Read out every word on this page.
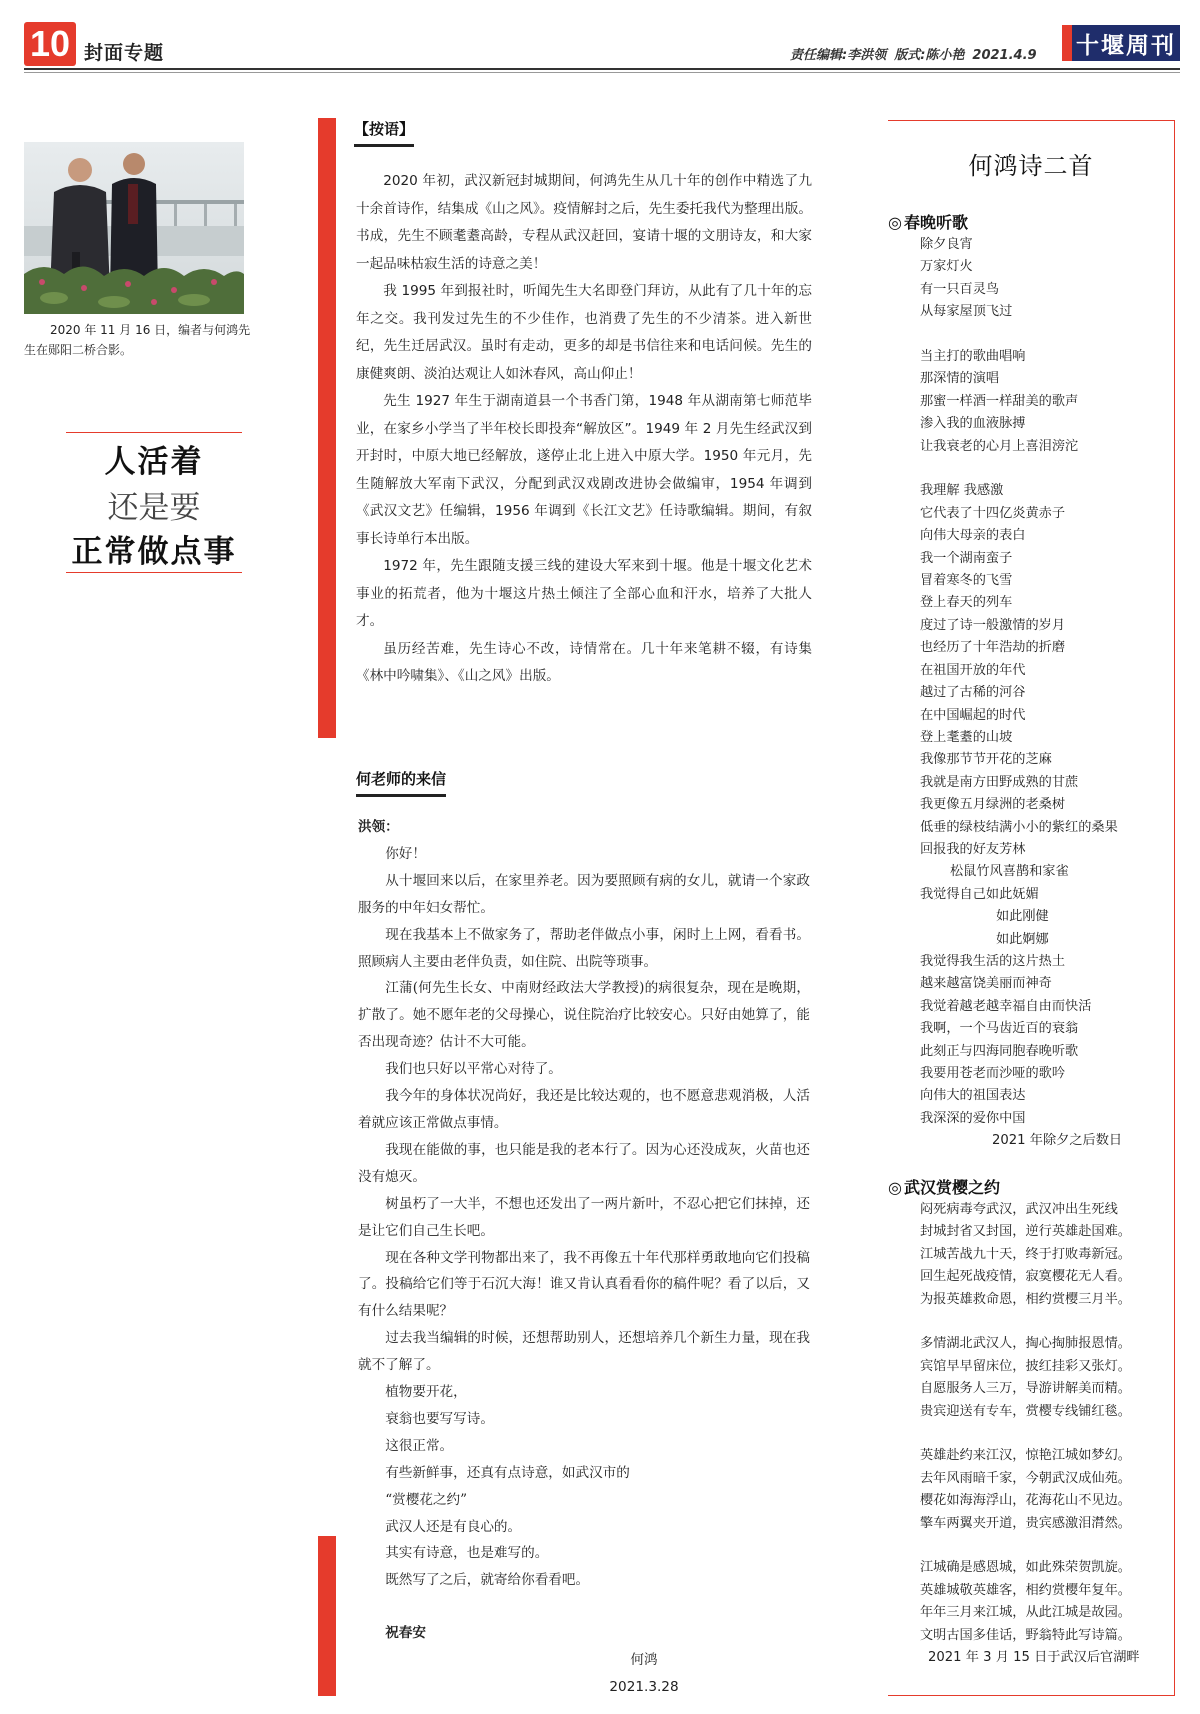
10 封面专题	责任编辑:李洪领 版式:陈小艳 2021.4.9	十堰周刊
2020 年 11 月 16 日，编者与何鸿先生在郧阳二桥合影。
人活着
还是要
正常做点事
【按语】

2020 年初，武汉新冠封城期间，何鸿先生从几十年的创作中精选了九十余首诗作，结集成《山之风》。疫情解封之后，先生委托我代为整理出版。书成，先生不顾耄耋高龄，专程从武汉赶回，宴请十堰的文朋诗友，和大家一起品味枯寂生活的诗意之美！

我 1995 年到报社时，听闻先生大名即登门拜访，从此有了几十年的忘年之交。我刊发过先生的不少佳作，也消费了先生的不少清茶。进入新世纪，先生迁居武汉。虽时有走动，更多的却是书信往来和电话问候。先生的康健爽朗、淡泊达观让人如沐春风，高山仰止！

先生 1927 年生于湖南道县一个书香门第，1948 年从湖南第七师范毕业，在家乡小学当了半年校长即投奔“解放区”。1949 年 2 月先生经武汉到开封时，中原大地已经解放，遂停止北上进入中原大学。1950 年元月，先生随解放大军南下武汉，分配到武汉戏剧改进协会做编审，1954 年调到《武汉文艺》任编辑，1956 年调到《长江文艺》任诗歌编辑。期间，有叙事长诗单行本出版。

1972 年，先生跟随支援三线的建设大军来到十堰。他是十堰文化艺术事业的拓荒者，他为十堰这片热土倾注了全部心血和汗水，培养了大批人才。

虽历经苦难，先生诗心不改，诗情常在。几十年来笔耕不辍，有诗集《林中吟啸集》、《山之风》出版。

何老师的来信
洪领：
你好！

从十堰回来以后，在家里养老。因为要照顾有病的女儿，就请一个家政服务的中年妇女帮忙。

现在我基本上不做家务了，帮助老伴做点小事，闲时上上网，看看书。照顾病人主要由老伴负责，如住院、出院等琐事。

江蒲(何先生长女、中南财经政法大学教授)的病很复杂，现在是晚期，扩散了。她不愿年老的父母操心，说住院治疗比较安心。只好由她算了，能否出现奇迹？估计不大可能。

我们也只好以平常心对待了。

我今年的身体状况尚好，我还是比较达观的，也不愿意悲观消极，人活着就应该正常做点事情。

我现在能做的事，也只能是我的老本行了。因为心还没成灰，火苗也还没有熄灭。

树虽朽了一大半，不想也还发出了一两片新叶，不忍心把它们抹掉，还是让它们自己生长吧。

现在各种文学刊物都出来了，我不再像五十年代那样勇敢地向它们投稿了。投稿给它们等于石沉大海！谁又肯认真看看你的稿件呢？看了以后，又有什么结果呢？

过去我当编辑的时候，还想帮助别人，还想培养几个新生力量，现在我就不了解了。

植物要开花，
衰翁也要写写诗。
这很正常。
有些新鲜事，还真有点诗意，如武汉市的
“赏樱花之约”
武汉人还是有良心的。
其实有诗意，也是难写的。
既然写了之后，就寄给你看看吧。
祝春安
何鸿
2021.3.28
何鸿诗二首
◎ 春晚听歌
除夕良宵
万家灯火
有一只百灵鸟
从每家屋顶飞过
当主打的歌曲唱响
那深情的演唱
那蜜一样酒一样甜美的歌声
渗入我的血液脉搏
让我衰老的心月上喜泪滂沱
我理解 我感激
它代表了十四亿炎黄赤子
向伟大母亲的表白
我一个湖南蛮子
冒着寒冬的飞雪
登上春天的列车
度过了诗一般激情的岁月
也经历了十年浩劫的折磨
在祖国开放的年代
越过了古稀的河谷
在中国崛起的时代
登上耄耋的山坡
我像那节节开花的芝麻
我就是南方田野成熟的甘蔗
我更像五月绿洲的老桑树
低垂的绿枝结满小小的紫红的桑果
回报我的好友芳林
松鼠竹风喜鹊和家雀
我觉得自己如此妩媚
如此刚健
如此婀娜
我觉得我生活的这片热土
越来越富饶美丽而神奇
我觉着越老越幸福自由而快活
我啊，一个马齿近百的衰翁
此刻正与四海同胞春晚听歌
我要用苍老而沙哑的歌吟
向伟大的祖国表达
我深深的爱你中国
2021 年除夕之后数日
◎ 武汉赏樱之约
闷死病毒夸武汉，武汉冲出生死线
封城封省又封国，逆行英雄赴国难。
江城苦战九十天，终于打败毒新冠。
回生起死战疫情，寂寞樱花无人看。
为报英雄救命恩，相约赏樱三月半。
多情湖北武汉人，掏心掏肺报恩情。
宾馆早早留床位，披红挂彩又张灯。
自愿服务人三万，导游讲解美而精。
贵宾迎送有专车，赏樱专线铺红毯。
英雄赴约来江汉，惊艳江城如梦幻。
去年风雨暗千家，今朝武汉成仙苑。
樱花如海海浮山，花海花山不见边。
擎车两翼夹开道，贵宾感激泪潸然。
江城确是感恩城，如此殊荣贺凯旋。
英雄城敬英雄客，相约赏樱年复年。
年年三月来江城，从此江城是故园。
文明古国多佳话，野翁特此写诗篇。
2021 年 3 月 15 日于武汉后官湖畔
